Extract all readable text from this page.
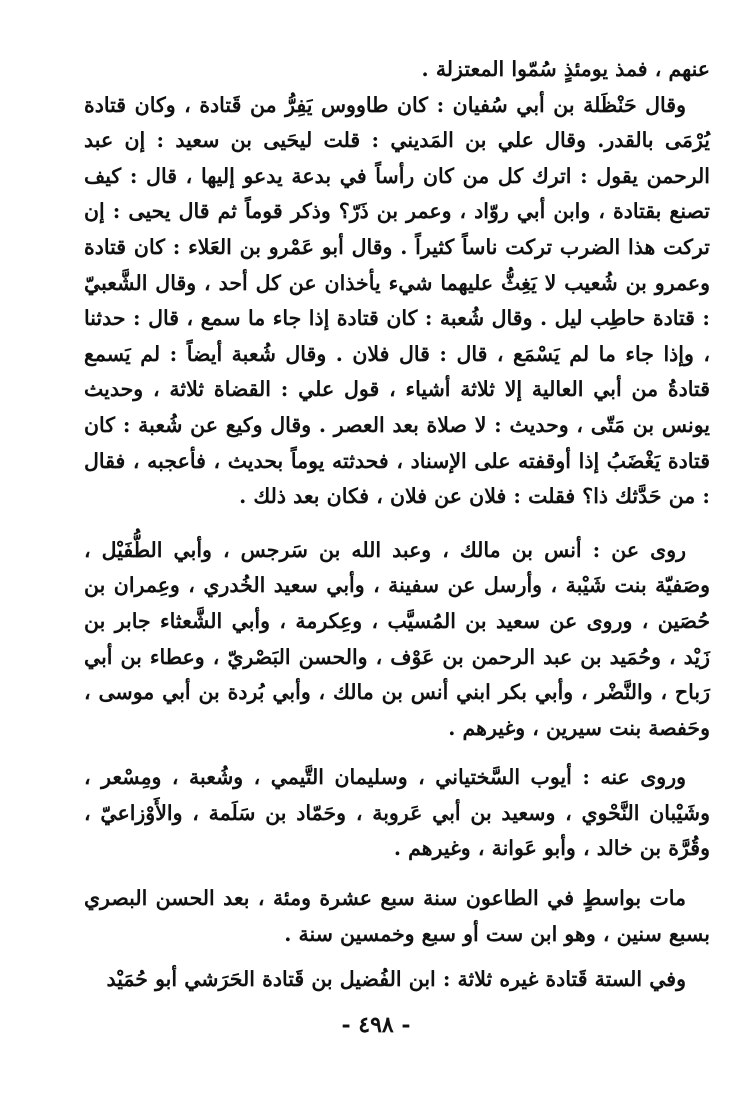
عنهم ، فمذ يومئذٍ سُمّوا المعتزلة .

وقال حَنْظَلة بن أبي سُفيان : كان طاووس يَفِرُّ من قَتادة ، وكان قتادة يُرْمَى بالقدر. وقال علي بن المَديني : قلت ليحَيى بن سعيد : إن عبد الرحمن يقول : اترك كل من كان رأساً في بدعة يدعو إليها ، قال : كيف تصنع بقتادة ، وابن أبي روّاد ، وعمر بن ذَرّ؟ وذكر قوماً ثم قال يحيى : إن تركت هذا الضرب تركت ناساً كثيراً . وقال أبو عَمْرو بن العَلاء : كان قتادة وعمرو بن شُعيب لا يَغِثُّ عليهما شيء يأخذان عن كل أحد ، وقال الشَّعبيّ : قتادة حاطِب ليل . وقال شُعبة : كان قتادة إذا جاء ما سمع ، قال : حدثنا ، وإذا جاء ما لم يَسْمَع ، قال : قال فلان . وقال شُعبة أيضاً : لم يَسمع قتادةُ من أبي العالية إلا ثلاثة أشياء ، قول علي : القضاة ثلاثة ، وحديث يونس بن مَتّى ، وحديث : لا صلاة بعد العصر . وقال وكيع عن شُعبة : كان قتادة يَغْضَبُ إذا أوقفته على الإسناد ، فحدثته يوماً بحديث ، فأعجبه ، فقال : من حَدَّثك ذا؟ فقلت : فلان عن فلان ، فكان بعد ذلك .

روى عن : أنس بن مالك ، وعبد الله بن سَرجس ، وأبي الطُّفَيْل ، وصَفيّة بنت شَيْبة ، وأرسل عن سفينة ، وأبي سعيد الخُدري ، وعِمران بن حُصَين ، وروى عن سعيد بن المُسيَّب ، وعِكرمة ، وأبي الشَّعثاء جابر بن زَيْد ، وحُمَيد بن عبد الرحمن بن عَوْف ، والحسن البَصْريّ ، وعطاء بن أبي رَباح ، والنَّضْر ، وأبي بكر ابني أنس بن مالك ، وأبي بُردة بن أبي موسى ، وحَفصة بنت سيرين ، وغيرهم .

وروى عنه : أيوب السَّختياني ، وسليمان التَّيمي ، وشُعبة ، ومِسْعر ، وشَيْبان النَّحْوي ، وسعيد بن أبي عَروبة ، وحَمّاد بن سَلَمة ، والأَوْزاعيّ ، وقُرَّة بن خالد ، وأبو عَوانة ، وغيرهم .

مات بواسطٍ في الطاعون سنة سبع عشرة ومئة ، بعد الحسن البصري بسبع سنين ، وهو ابن ست أو سبع وخمسين سنة .

وفي الستة قَتادة غيره ثلاثة : ابن الفُضيل بن قَتادة الحَرَشي أبو حُمَيْد

- ٤٩٨ -
